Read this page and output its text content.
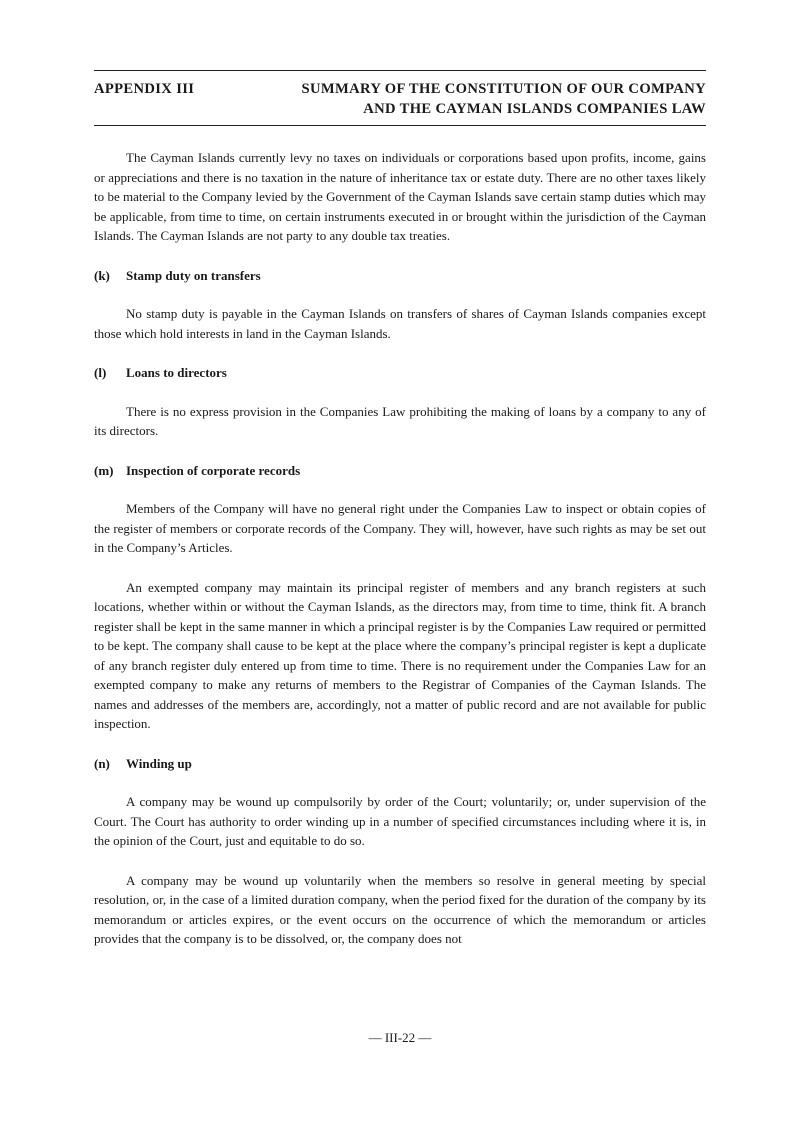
APPENDIX III	SUMMARY OF THE CONSTITUTION OF OUR COMPANY
AND THE CAYMAN ISLANDS COMPANIES LAW

The Cayman Islands currently levy no taxes on individuals or corporations based upon profits, income, gains or appreciations and there is no taxation in the nature of inheritance tax or estate duty. There are no other taxes likely to be material to the Company levied by the Government of the Cayman Islands save certain stamp duties which may be applicable, from time to time, on certain instruments executed in or brought within the jurisdiction of the Cayman Islands. The Cayman Islands are not party to any double tax treaties.

(k)	Stamp duty on transfers

No stamp duty is payable in the Cayman Islands on transfers of shares of Cayman Islands companies except those which hold interests in land in the Cayman Islands.

(l)	Loans to directors

There is no express provision in the Companies Law prohibiting the making of loans by a company to any of its directors.

(m) Inspection of corporate records

Members of the Company will have no general right under the Companies Law to inspect or obtain copies of the register of members or corporate records of the Company. They will, however, have such rights as may be set out in the Company’s Articles.

An exempted company may maintain its principal register of members and any branch registers at such locations, whether within or without the Cayman Islands, as the directors may, from time to time, think fit. A branch register shall be kept in the same manner in which a principal register is by the Companies Law required or permitted to be kept. The company shall cause to be kept at the place where the company’s principal register is kept a duplicate of any branch register duly entered up from time to time. There is no requirement under the Companies Law for an exempted company to make any returns of members to the Registrar of Companies of the Cayman Islands. The names and addresses of the members are, accordingly, not a matter of public record and are not available for public inspection.

(n)	Winding up

A company may be wound up compulsorily by order of the Court; voluntarily; or, under supervision of the Court. The Court has authority to order winding up in a number of specified circumstances including where it is, in the opinion of the Court, just and equitable to do so.

A company may be wound up voluntarily when the members so resolve in general meeting by special resolution, or, in the case of a limited duration company, when the period fixed for the duration of the company by its memorandum or articles expires, or the event occurs on the occurrence of which the memorandum or articles provides that the company is to be dissolved, or, the company does not

— III-22 —
